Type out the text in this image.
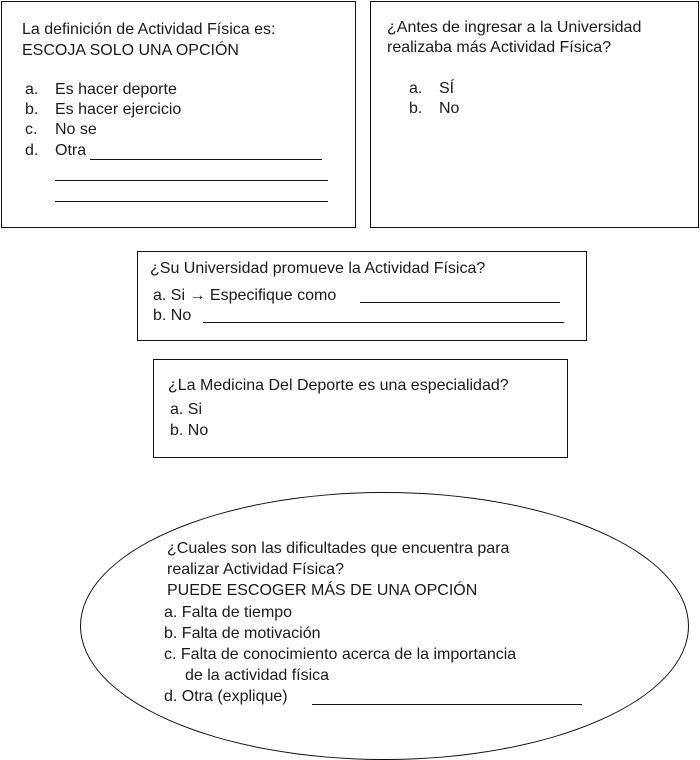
La definición de Actividad Física es:
ESCOJA SOLO UNA OPCIÓN
a. Es hacer deporte
b. Es hacer ejercicio
c. No se
d. Otra
¿Antes de ingresar a la Universidad
realizaba más Actividad Física?
a. SÍ
b. No
¿Su Universidad promueve la Actividad Física?
a. Si → Especifique como
b. No
¿La Medicina Del Deporte es una especialidad?
a. Si
b. No
¿Cuales son las dificultades que encuentra para
realizar Actividad Física?
PUEDE ESCOGER MÁS DE UNA OPCIÓN
a. Falta de tiempo
b. Falta de motivación
c. Falta de conocimiento acerca de la importancia
de la actividad física
d. Otra (explique)
